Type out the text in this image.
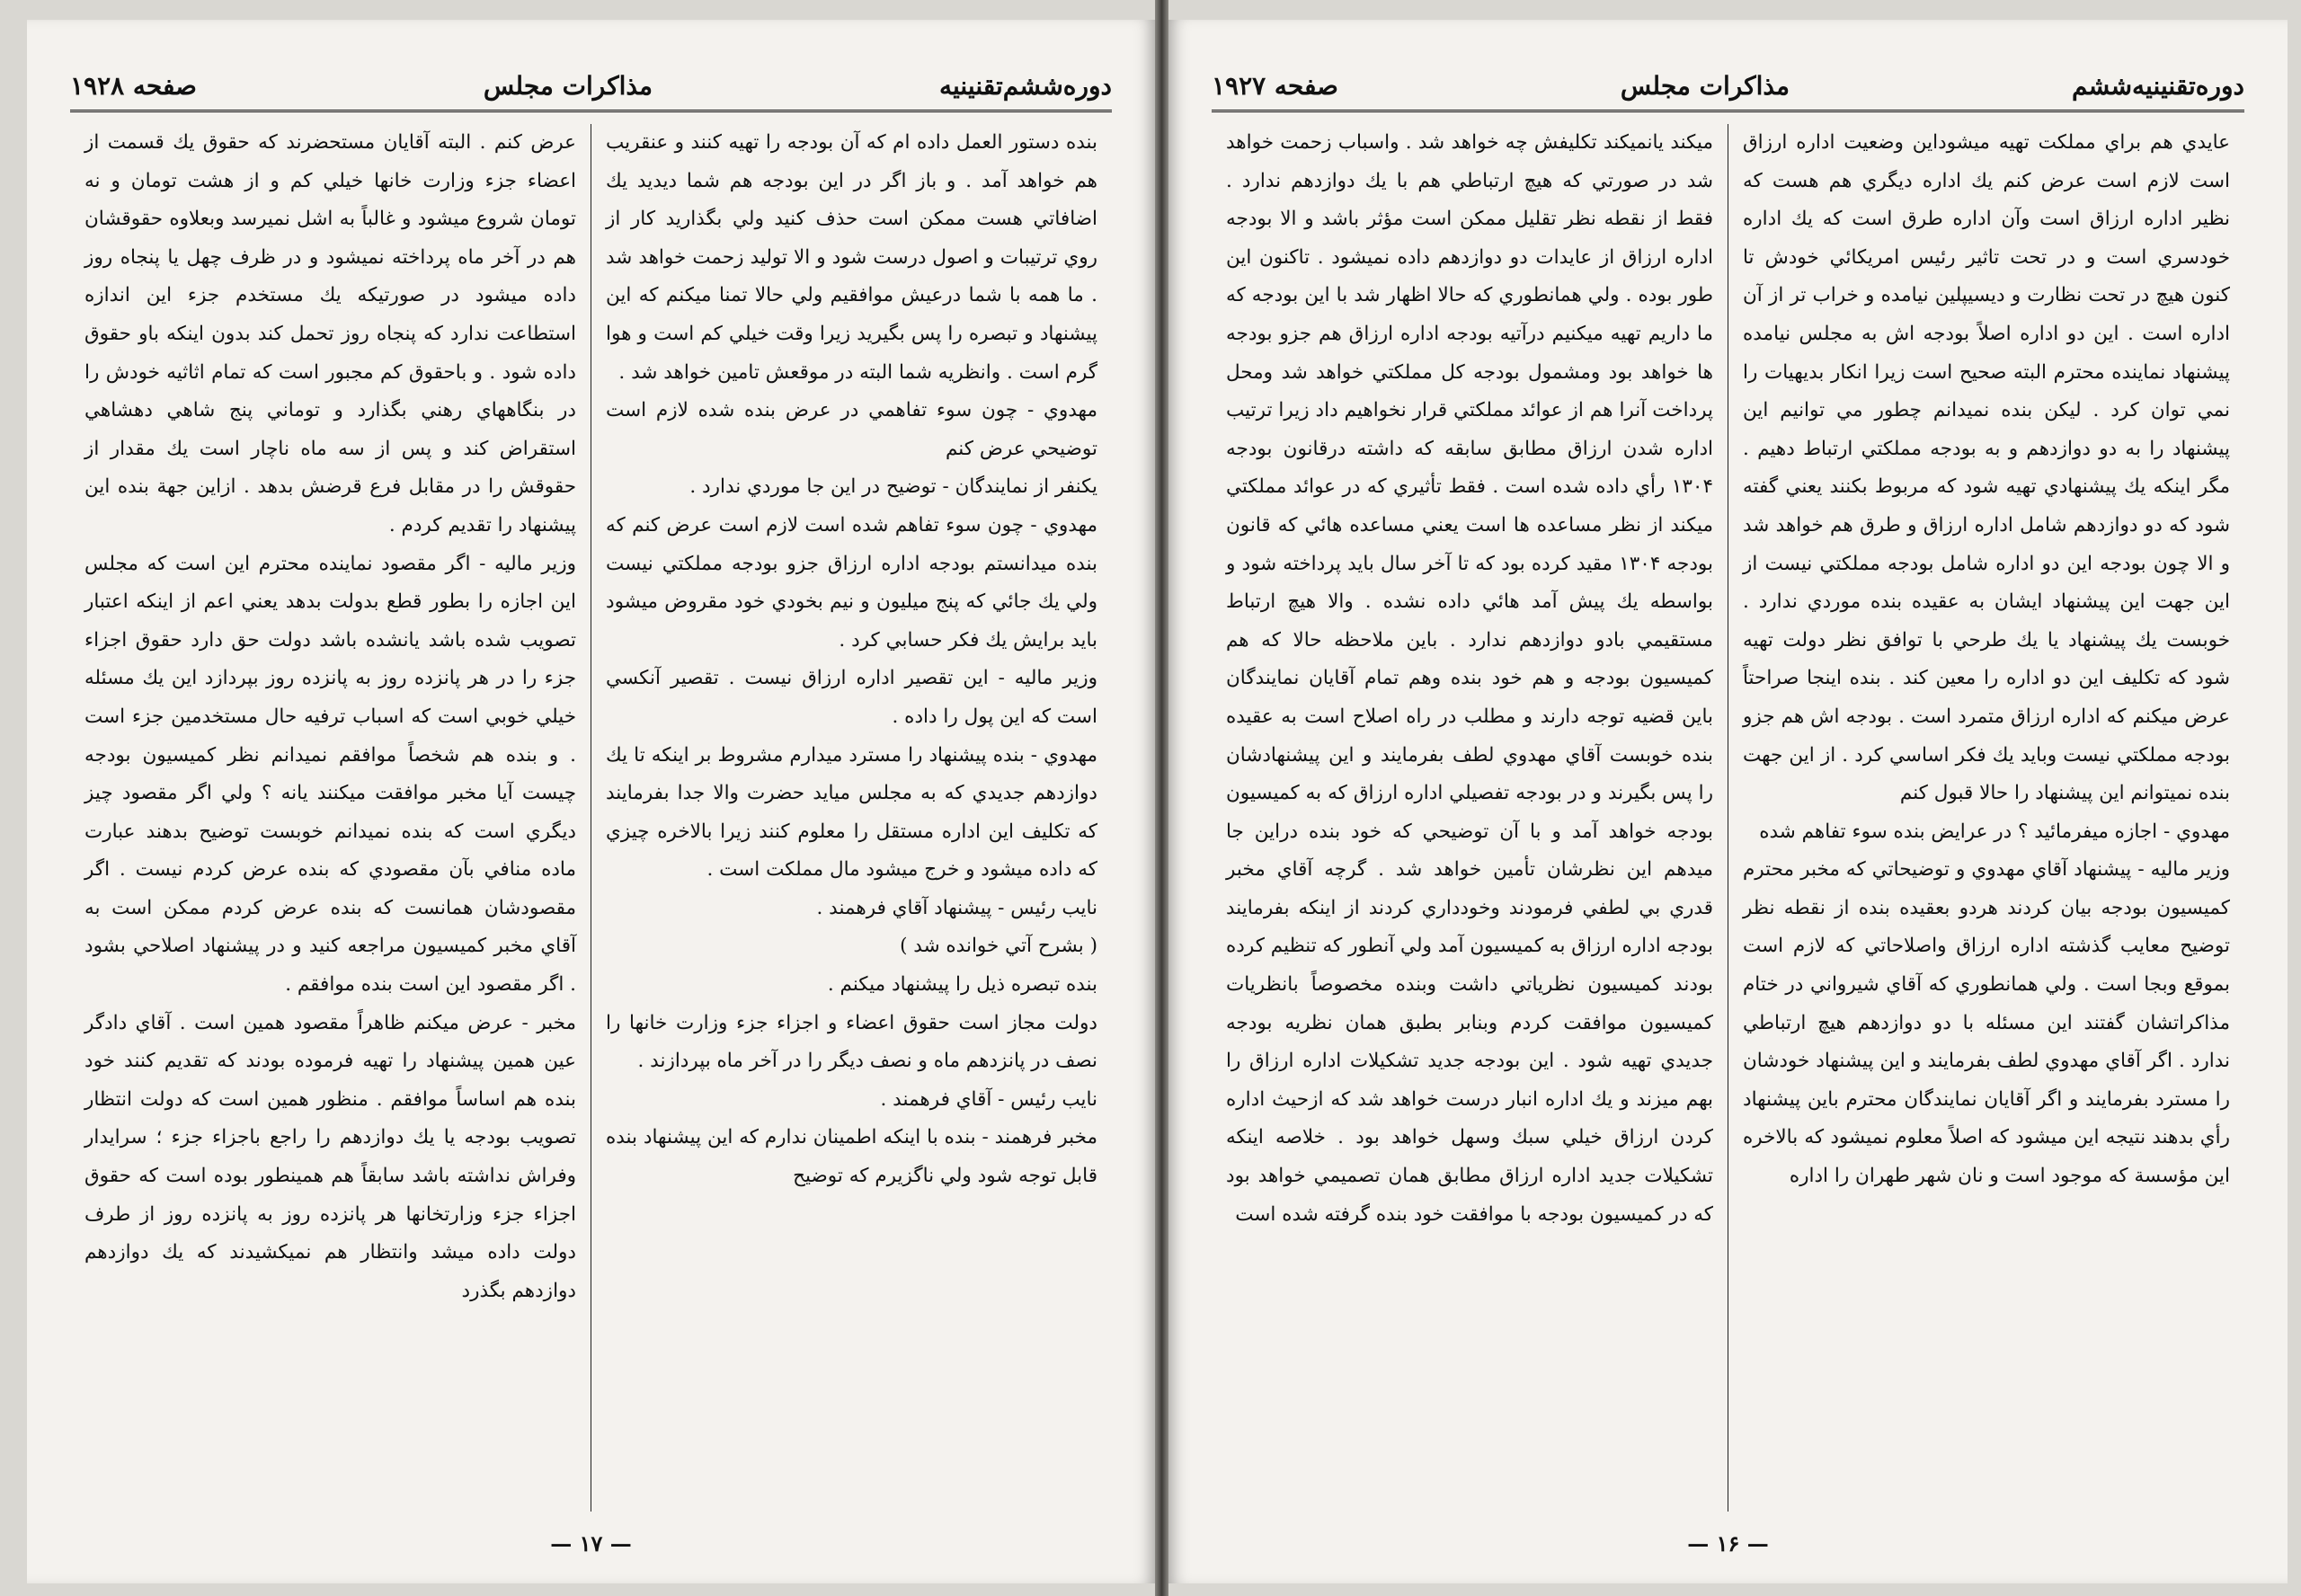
دوره‌ششم‌تقنینیه
مذاكرات مجلس
صفحه ۱۹۲۸
بنده دستور العمل داده ام كه آن بودجه را تهيه كنند و عنقريب هم خواهد آمد . و باز اگر در اين بودجه هم شما ديديد يك اضافاتي هست ممكن است حذف كنيد ولي بگذاريد كار از روي ترتيبات و اصول درست شود و الا توليد زحمت خواهد شد . ما همه با شما درعيش موافقيم ولي حالا تمنا ميكنم كه اين پيشنهاد و تبصره را پس بگيريد زيرا وقت خيلي كم است و هوا گرم است . وانظريه شما البته در موقعش تامين خواهد شد .
مهدوي - چون سوء تفاهمي در عرض بنده شده لازم است توضيحي عرض كنم
يكنفر از نمايندگان - توضيح در اين جا موردي ندارد .
مهدوي - چون سوء تفاهم شده است لازم است عرض كنم كه بنده ميدانستم بودجه اداره ارزاق جزو بودجه مملكتي نيست ولي يك جائي كه پنج ميليون و نيم بخودي خود مقروض ميشود بايد برايش يك فكر حسابي كرد .
وزير ماليه - اين تقصير اداره ارزاق نيست . تقصير آنكسي است كه اين پول را داده .
مهدوي - بنده پيشنهاد را مسترد ميدارم مشروط بر اينكه تا يك دوازدهم جديدي كه به مجلس ميايد حضرت والا جدا بفرمايند كه تكليف اين اداره مستقل را معلوم كنند زيرا بالاخره چيزي كه داده ميشود و خرج ميشود مال مملكت است .
نايب رئيس - پيشنهاد آقاي فرهمند .
( بشرح آتي خوانده شد )
بنده تبصره ذيل را پيشنهاد ميكنم .
دولت مجاز است حقوق اعضاء و اجزاء جزء وزارت خانها را نصف در پانزدهم ماه و نصف ديگر را در آخر ماه بپردازند .
نايب رئيس - آقاي فرهمند .
مخبر فرهمند - بنده با اينكه اطمينان ندارم كه اين پيشنهاد بنده قابل توجه شود ولي ناگزيرم كه توضيح
عرض كنم . البته آقايان مستحضرند كه حقوق يك قسمت از اعضاء جزء وزارت خانها خيلي كم و از هشت تومان و نه تومان شروع ميشود و غالباً به اشل نميرسد وبعلاوه حقوقشان هم در آخر ماه پرداخته نميشود و در ظرف چهل يا پنجاه روز داده ميشود در صورتيكه يك مستخدم جزء اين اندازه استطاعت ندارد كه پنجاه روز تحمل كند بدون اينكه باو حقوق داده شود . و باحقوق كم مجبور است كه تمام اثاثيه خودش را در بنگاههاي رهني بگذارد و توماني پنج شاهي دهشاهي استقراض كند و پس از سه ماه ناچار است يك مقدار از حقوقش را در مقابل فرع قرضش بدهد . ازاين جهة بنده اين پيشنهاد را تقديم كردم .
وزير ماليه - اگر مقصود نماينده محترم اين است كه مجلس اين اجازه را بطور قطع بدولت بدهد يعني اعم از اينكه اعتبار تصويب شده باشد يانشده باشد دولت حق دارد حقوق اجزاء جزء را در هر پانزده روز به پانزده روز بپردازد اين يك مسئله خيلي خوبي است كه اسباب ترفيه حال مستخدمين جزء است . و بنده هم شخصاً موافقم نميدانم نظر كميسيون بودجه چيست آيا مخبر موافقت ميكنند يانه ؟ ولي اگر مقصود چيز ديگري است كه بنده نميدانم خوبست توضيح بدهند عبارت ماده منافي بآن مقصودي كه بنده عرض كردم نيست . اگر مقصودشان همانست كه بنده عرض كردم ممكن است به آقاي مخبر كميسيون مراجعه كنيد و در پيشنهاد اصلاحي بشود . اگر مقصود اين است بنده موافقم .
مخبر - عرض ميكنم ظاهراً مقصود همين است . آقاي دادگر عين همين پيشنهاد را تهيه فرموده بودند كه تقديم كنند خود بنده هم اساساً موافقم . منظور همين است كه دولت انتظار تصويب بودجه يا يك دوازدهم را راجع باجزاء جزء ؛ سرايدار وفراش نداشته باشد سابقاً هم همينطور بوده است كه حقوق اجزاء جزء وزارتخانها هر پانزده روز به پانزده روز از طرف دولت داده ميشد وانتظار هم نميكشيدند كه يك دوازدهم دوازدهم بگذرد
— ۱۷ —
دوره‌تقنينيه‌ششم
مذاكرات مجلس
صفحه ۱۹۲۷
عايدي هم براي مملكت تهيه ميشوداين وضعيت اداره ارزاق است لازم است عرض كنم يك اداره ديگري هم هست كه نظير اداره ارزاق است وآن اداره طرق است كه يك اداره خودسري است و در تحت تاثير رئيس امريكائي خودش تا كنون هيچ در تحت نظارت و ديسيپلين نيامده و خراب تر از آن اداره است . اين دو اداره اصلاً بودجه اش به مجلس نيامده پيشنهاد نماينده محترم البته صحيح است زيرا انكار بديهيات را نمي توان كرد . ليكن بنده نميدانم چطور مي توانيم اين پيشنهاد را به دو دوازدهم و به بودجه مملكتي ارتباط دهيم . مگر اينكه يك پيشنهادي تهيه شود كه مربوط بكنند يعني گفته شود كه دو دوازدهم شامل اداره ارزاق و طرق هم خواهد شد و الا چون بودجه اين دو اداره شامل بودجه مملكتي نيست از اين جهت اين پيشنهاد ايشان به عقيده بنده موردي ندارد . خوبست يك پيشنهاد يا يك طرحي با توافق نظر دولت تهيه شود كه تكليف اين دو اداره را معين كند . بنده اينجا صراحتاً عرض ميكنم كه اداره ارزاق متمرد است . بودجه اش هم جزو بودجه مملكتي نيست وبايد يك فكر اساسي كرد . از اين جهت بنده نميتوانم اين پيشنهاد را حالا قبول كنم
مهدوي - اجازه ميفرمائيد ؟ در عرايض بنده سوء تفاهم شده
وزير ماليه - پيشنهاد آقاي مهدوي و توضيحاتي كه مخبر محترم كميسيون بودجه بيان كردند هردو بعقيده بنده از نقطه نظر توضيح معايب گذشته اداره ارزاق واصلاحاتي كه لازم است بموقع وبجا است . ولي همانطوري كه آقاي شيرواني در ختام مذاكراتشان گفتند اين مسئله با دو دوازدهم هيچ ارتباطي ندارد . اگر آقاي مهدوي لطف بفرمايند و اين پيشنهاد خودشان را مسترد بفرمايند و اگر آقايان نمايندگان محترم باين پيشنهاد رأي بدهند نتيجه اين ميشود كه اصلاً معلوم نميشود كه بالاخره اين مؤسسة كه موجود است و نان شهر طهران را اداره
ميكند يانميكند تكليفش چه خواهد شد . واسباب زحمت خواهد شد در صورتي كه هيچ ارتباطي هم با يك دوازدهم ندارد . فقط از نقطه نظر تقليل ممكن است مؤثر باشد و الا بودجه اداره ارزاق از عايدات دو دوازدهم داده نميشود . تاكنون اين طور بوده . ولي همانطوري كه حالا اظهار شد با اين بودجه كه ما داريم تهيه ميكنيم درآتيه بودجه اداره ارزاق هم جزو بودجه ها خواهد بود ومشمول بودجه كل مملكتي خواهد شد ومحل پرداخت آنرا هم از عوائد مملكتي قرار نخواهيم داد زيرا ترتيب اداره شدن ارزاق مطابق سابقه كه داشته درقانون بودجه ۱۳۰۴ رأي داده شده است . فقط تأثيري كه در عوائد مملكتي ميكند از نظر مساعده ها است يعني مساعده هائي كه قانون بودجه ۱۳۰۴ مقيد كرده بود كه تا آخر سال بايد پرداخته شود و بواسطه يك پيش آمد هائي داده نشده . والا هيچ ارتباط مستقيمي بادو دوازدهم ندارد . باين ملاحظه حالا كه هم كميسيون بودجه و هم خود بنده وهم تمام آقايان نمايندگان باين قضيه توجه دارند و مطلب در راه اصلاح است به عقيده بنده خوبست آقاي مهدوي لطف بفرمايند و اين پيشنهادشان را پس بگيرند و در بودجه تفصيلي اداره ارزاق كه به كميسيون بودجه خواهد آمد و با آن توضيحي كه خود بنده دراين جا ميدهم اين نظرشان تأمين خواهد شد . گرچه آقاي مخبر قدري بي لطفي فرمودند وخودداري كردند از اينكه بفرمايند بودجه اداره ارزاق به كميسيون آمد ولي آنطور كه تنظيم كرده بودند كميسيون نظرياتي داشت وبنده مخصوصاً بانظريات كميسيون موافقت كردم وبنابر بطبق همان نظريه بودجه جديدي تهيه شود . اين بودجه جديد تشكيلات اداره ارزاق را بهم ميزند و يك اداره انبار درست خواهد شد كه ازحيث اداره كردن ارزاق خيلي سبك وسهل خواهد بود . خلاصه اينكه تشكيلات جديد اداره ارزاق مطابق همان تصميمي خواهد بود كه در كميسيون بودجه با موافقت خود بنده گرفته شده است
— ۱۶ —
